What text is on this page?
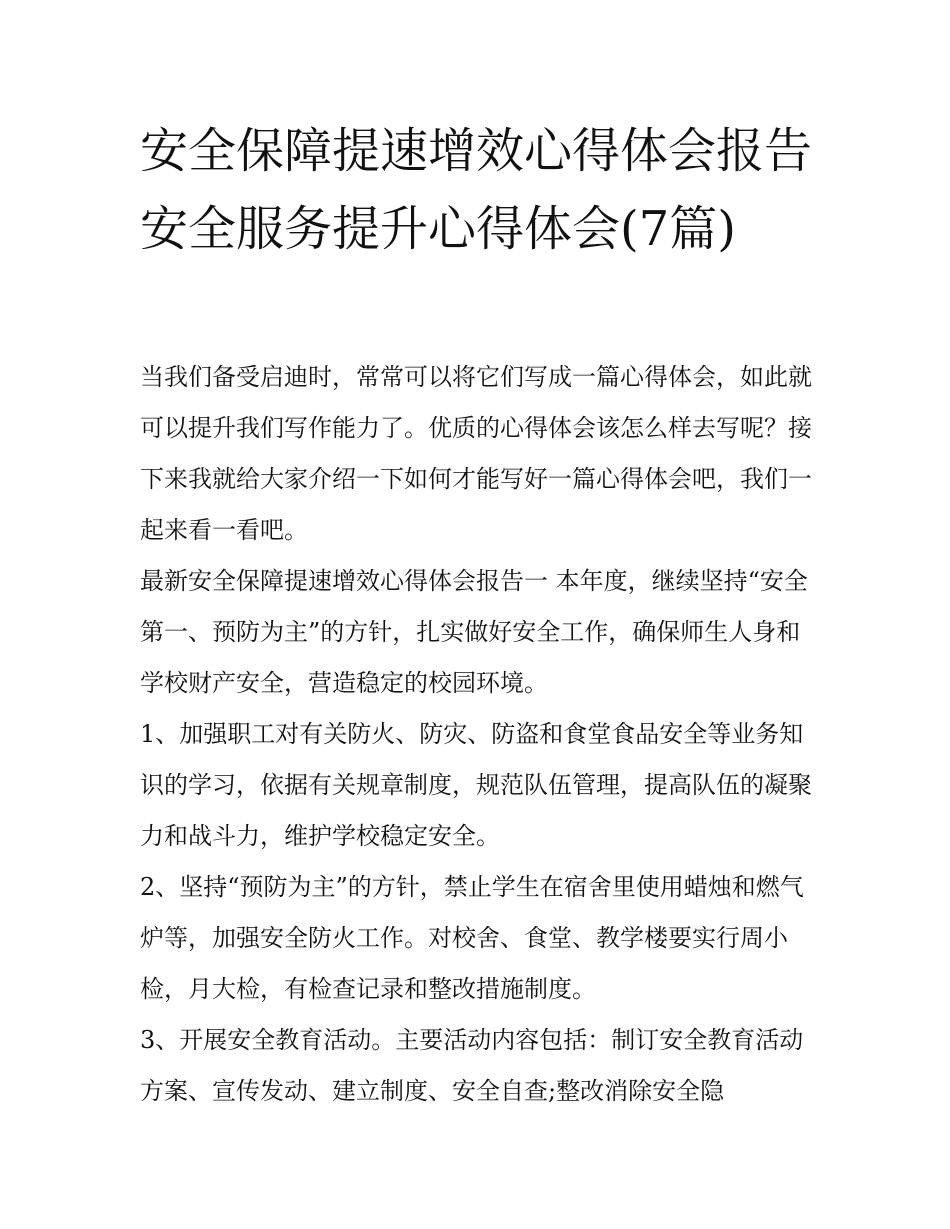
安全保障提速增效心得体会报告 安全服务提升心得体会(7篇)

当我们备受启迪时，常常可以将它们写成一篇心得体会，如此就可以提升我们写作能力了。优质的心得体会该怎么样去写呢？接下来我就给大家介绍一下如何才能写好一篇心得体会吧，我们一起来看一看吧。

最新安全保障提速增效心得体会报告一 本年度，继续坚持“安全第一、预防为主”的方针，扎实做好安全工作，确保师生人身和学校财产安全，营造稳定的校园环境。

1、加强职工对有关防火、防灾、防盗和食堂食品安全等业务知识的学习，依据有关规章制度，规范队伍管理，提高队伍的凝聚力和战斗力，维护学校稳定安全。

2、坚持“预防为主”的方针，禁止学生在宿舍里使用蜡烛和燃气炉等，加强安全防火工作。对校舍、食堂、教学楼要实行周小检，月大检，有检查记录和整改措施制度。

3、开展安全教育活动。主要活动内容包括：制订安全教育活动方案、宣传发动、建立制度、安全自查;整改消除安全隐
